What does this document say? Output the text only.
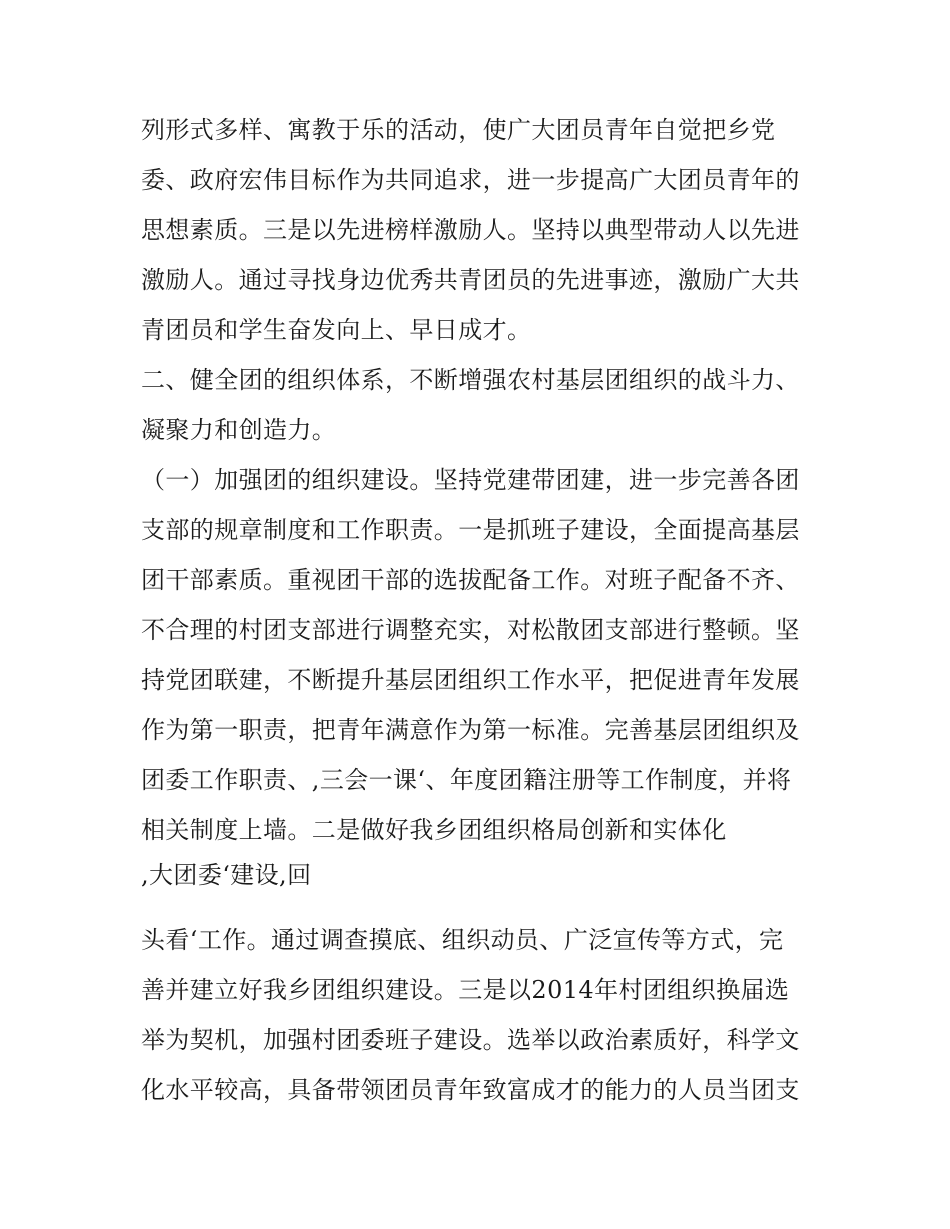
列形式多样、寓教于乐的活动，使广大团员青年自觉把乡党
委、政府宏伟目标作为共同追求，进一步提高广大团员青年的
思想素质。三是以先进榜样激励人。坚持以典型带动人以先进
激励人。通过寻找身边优秀共青团员的先进事迹，激励广大共
青团员和学生奋发向上、早日成才。
二、健全团的组织体系，不断增强农村基层团组织的战斗力、
凝聚力和创造力。
（一）加强团的组织建设。坚持党建带团建，进一步完善各团
支部的规章制度和工作职责。一是抓班子建设，全面提高基层
团干部素质。重视团干部的选拔配备工作。对班子配备不齐、
不合理的村团支部进行调整充实，对松散团支部进行整顿。坚
持党团联建，不断提升基层团组织工作水平，把促进青年发展
作为第一职责，把青年满意作为第一标准。完善基层团组织及
团委工作职责、,三会一课‘、年度团籍注册等工作制度，并将
相关制度上墙。二是做好我乡团组织格局创新和实体化
,大团委‘建设,回
头看‘工作。通过调查摸底、组织动员、广泛宣传等方式，完
善并建立好我乡团组织建设。三是以2014年村团组织换届选
举为契机，加强村团委班子建设。选举以政治素质好，科学文
化水平较高，具备带领团员青年致富成才的能力的人员当团支
